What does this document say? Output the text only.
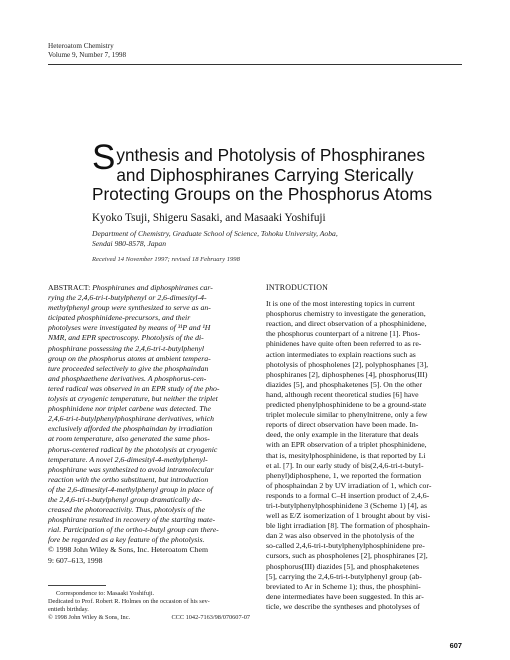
Heteroatom Chemistry
Volume 9, Number 7, 1998
S ynthesis and Photolysis of Phosphiranes
and Diphosphiranes Carrying Sterically
Protecting Groups on the Phosphorus Atoms
Kyoko Tsuji, Shigeru Sasaki, and Masaaki Yoshifuji
Department of Chemistry, Graduate School of Science, Tohoku University, Aoba,
Sendai 980-8578, Japan
Received 14 November 1997; revised 18 February 1998
ABSTRACT: Phosphiranes and diphosphiranes car-
rying the 2,4,6-tri-t-butylphenyl or 2,6-dimesityl-4-
methylphenyl group were synthesized to serve as an-
ticipated phosphinidene-precursors, and their
photolyses were investigated by means of ³¹P and ¹H
NMR, and EPR spectroscopy. Photolysis of the di-
phosphirane possessing the 2,4,6-tri-t-butylphenyl
group on the phosphorus atoms at ambient tempera-
ture proceeded selectively to give the phosphaindan
and phosphaethene derivatives. A phosphorus-cen-
tered radical was observed in an EPR study of the pho-
tolysis at cryogenic temperature, but neither the triplet
phosphinidene nor triplet carbene was detected. The
2,4,6-tri-t-butylphenylphosphirane derivatives, which
exclusively afforded the phosphaindan by irradiation
at room temperature, also generated the same phos-
phorus-centered radical by the photolysis at cryogenic
temperature. A novel 2,6-dimesityl-4-methylphenyl-
phosphirane was synthesized to avoid intramolecular
reaction with the ortho substituent, but introduction
of the 2,6-dimesityl-4-methylphenyl group in place of
the 2,4,6-tri-t-butylphenyl group dramatically de-
creased the photoreactivity. Thus, photolysis of the
phosphirane resulted in recovery of the starting mate-
rial. Participation of the ortho-t-butyl group can there-
fore be regarded as a key feature of the photolysis.
© 1998 John Wiley & Sons, Inc. Heteroatom Chem
9: 607–613, 1998
Correspondence to: Masaaki Yoshifuji.
Dedicated to Prof. Robert R. Holmes on the occasion of his sev-
entieth birthday.
© 1998 John Wiley & Sons, Inc.	CCC 1042-7163/98/070607-07
INTRODUCTION
It is one of the most interesting topics in current
phosphorus chemistry to investigate the generation,
reaction, and direct observation of a phosphinidene,
the phosphorus counterpart of a nitrene [1]. Phos-
phinidenes have quite often been referred to as re-
action intermediates to explain reactions such as
photolysis of phospholenes [2], polyphosphanes [3],
phosphiranes [2], diphosphenes [4], phosphorus(III)
diazides [5], and phosphaketenes [5]. On the other
hand, although recent theoretical studies [6] have
predicted phenylphosphinidene to be a ground-state
triplet molecule similar to phenylnitrene, only a few
reports of direct observation have been made. In-
deed, the only example in the literature that deals
with an EPR observation of a triplet phosphinidene,
that is, mesitylphosphinidene, is that reported by Li
et al. [7]. In our early study of bis(2,4,6-tri-t-butyl-
phenyl)diphosphene, 1, we reported the formation
of phosphaindan 2 by UV irradiation of 1, which cor-
responds to a formal C–H insertion product of 2,4,6-
tri-t-butylphenylphosphinidene 3 (Scheme 1) [4], as
well as E/Z isomerization of 1 brought about by visi-
ble light irradiation [8]. The formation of phosphain-
dan 2 was also observed in the photolysis of the
so-called 2,4,6-tri-t-butylphenylphosphinidene pre-
cursors, such as phospholenes [2], phosphiranes [2],
phosphorus(III) diazides [5], and phosphaketenes
[5], carrying the 2,4,6-tri-t-butylphenyl group (ab-
breviated to Ar in Scheme 1); thus, the phosphini-
dene intermediates have been suggested. In this ar-
ticle, we describe the syntheses and photolyses of
607
